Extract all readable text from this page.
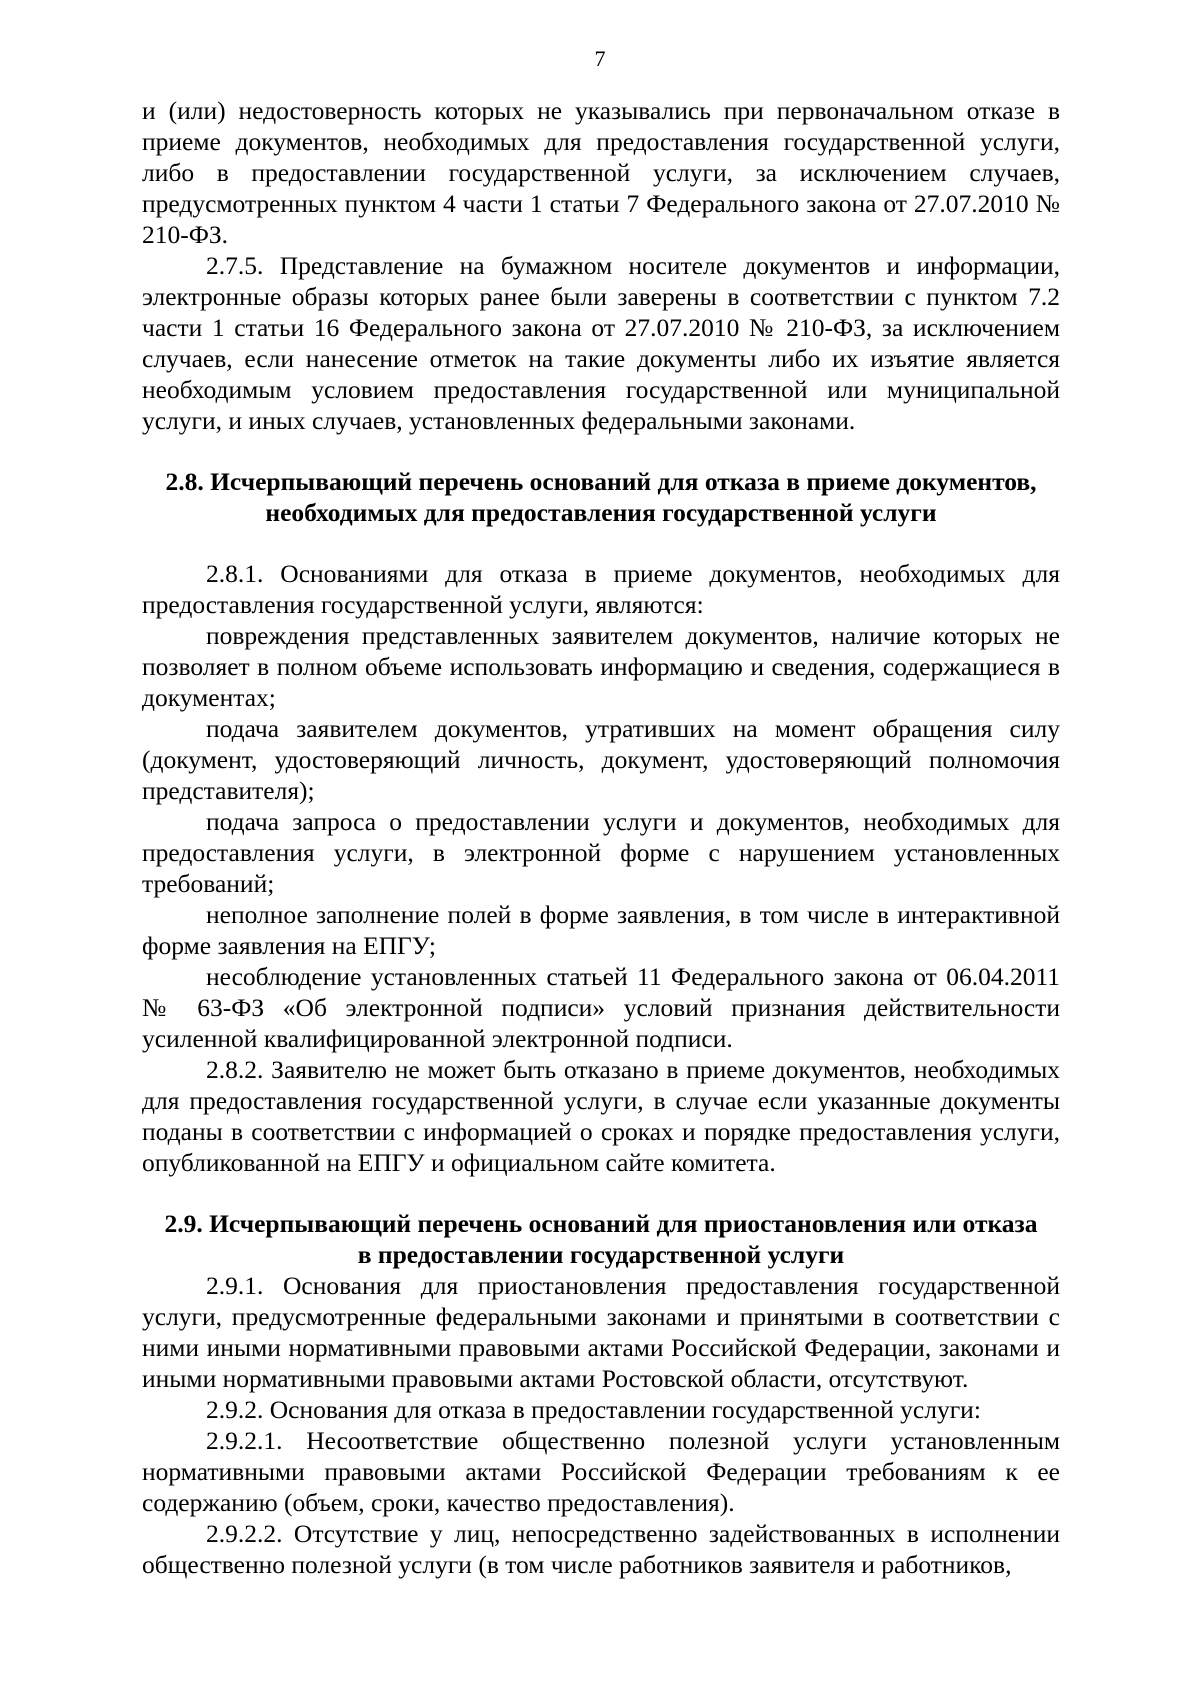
7

и (или) недостоверность которых не указывались при первоначальном отказе в приеме документов, необходимых для предоставления государственной услуги, либо в предоставлении государственной услуги, за исключением случаев, предусмотренных пунктом 4 части 1 статьи 7 Федерального закона от 27.07.2010 № 210-ФЗ.

2.7.5. Представление на бумажном носителе документов и информации, электронные образы которых ранее были заверены в соответствии с пунктом 7.2 части 1 статьи 16 Федерального закона от 27.07.2010 № 210-ФЗ, за исключением случаев, если нанесение отметок на такие документы либо их изъятие является необходимым условием предоставления государственной или муниципальной услуги, и иных случаев, установленных федеральными законами.

2.8. Исчерпывающий перечень оснований для отказа в приеме документов,
необходимых для предоставления государственной услуги

2.8.1. Основаниями для отказа в приеме документов, необходимых для предоставления государственной услуги, являются:

повреждения представленных заявителем документов, наличие которых не позволяет в полном объеме использовать информацию и сведения, содержащиеся в документах;

подача заявителем документов, утративших на момент обращения силу (документ, удостоверяющий личность, документ, удостоверяющий полномочия представителя);

подача запроса о предоставлении услуги и документов, необходимых для предоставления услуги, в электронной форме с нарушением установленных требований;

неполное заполнение полей в форме заявления, в том числе в интерактивной форме заявления на ЕПГУ;

несоблюдение установленных статьей 11 Федерального закона от 06.04.2011 № 63-ФЗ «Об электронной подписи» условий признания действительности усиленной квалифицированной электронной подписи.

2.8.2. Заявителю не может быть отказано в приеме документов, необходимых для предоставления государственной услуги, в случае если указанные документы поданы в соответствии с информацией о сроках и порядке предоставления услуги, опубликованной на ЕПГУ и официальном сайте комитета.

2.9. Исчерпывающий перечень оснований для приостановления или отказа
в предоставлении государственной услуги

2.9.1. Основания для приостановления предоставления государственной услуги, предусмотренные федеральными законами и принятыми в соответствии с ними иными нормативными правовыми актами Российской Федерации, законами и иными нормативными правовыми актами Ростовской области, отсутствуют.

2.9.2. Основания для отказа в предоставлении государственной услуги:

2.9.2.1. Несоответствие общественно полезной услуги установленным нормативными правовыми актами Российской Федерации требованиям к ее содержанию (объем, сроки, качество предоставления).

2.9.2.2. Отсутствие у лиц, непосредственно задействованных в исполнении общественно полезной услуги (в том числе работников заявителя и работников,
